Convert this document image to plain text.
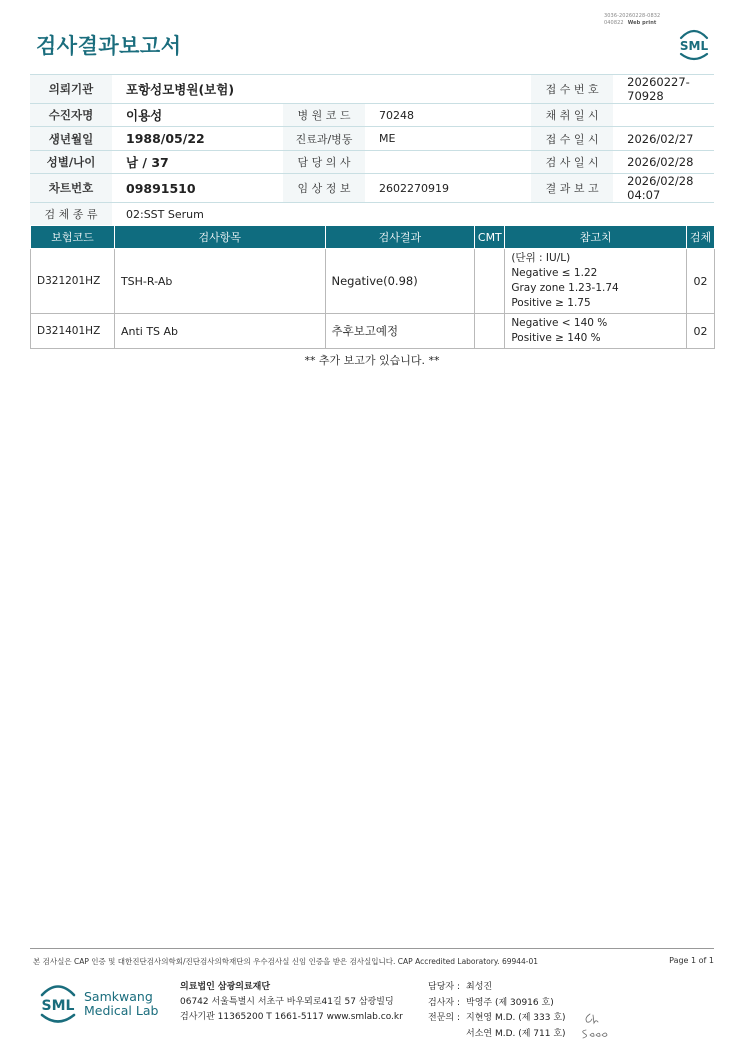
3036-20260228-0832
040822 Web print
검사결과보고서	SML
의뢰기관	포항성모병원(보험)				접 수 번 호	20260227-70928
수진자명	이용성	병 원 코 드	70248		채 취 일 시	
생년월일	1988/05/22	진료과/병동	ME		접 수 일 시	2026/02/27
성별/나이	남 / 37	담 당 의 사			검 사 일 시	2026/02/28
차트번호	09891510	임 상 정 보	2602270919		결 과 보 고	2026/02/28 04:07
검 체 종 류	02:SST Serum					
보험코드	검사항목	검사결과	CMT	참고치	검체
D321201HZ	TSH-R-Ab	Negative(0.98)		(단위 : IU/L)
Negative ≤ 1.22
Gray zone 1.23-1.74
Positive ≥ 1.75	02
D321401HZ	Anti TS Ab	추후보고예정		Negative < 140 %
Positive ≥ 140 %	02
** 추가 보고가 있습니다. **
본 검사실은 CAP 인증 및 대한진단검사의학회/진단검사의학재단의 우수검사실 신임 인증을 받은 검사실입니다. CAP Accredited Laboratory. 69944-01	Page 1 of 1
SML
Samkwang
Medical Lab
의료법인 삼광의료재단
06742 서울특별시 서초구 바우뫼로41길 57 삼광빌딩
검사기관 11365200 T 1661-5117 www.smlab.co.kr
담당자 : 최성진
검사자 : 박영주 (제 30916 호)
전문의 : 지현영 M.D. (제 333 호)
서소연 M.D. (제 711 호)
